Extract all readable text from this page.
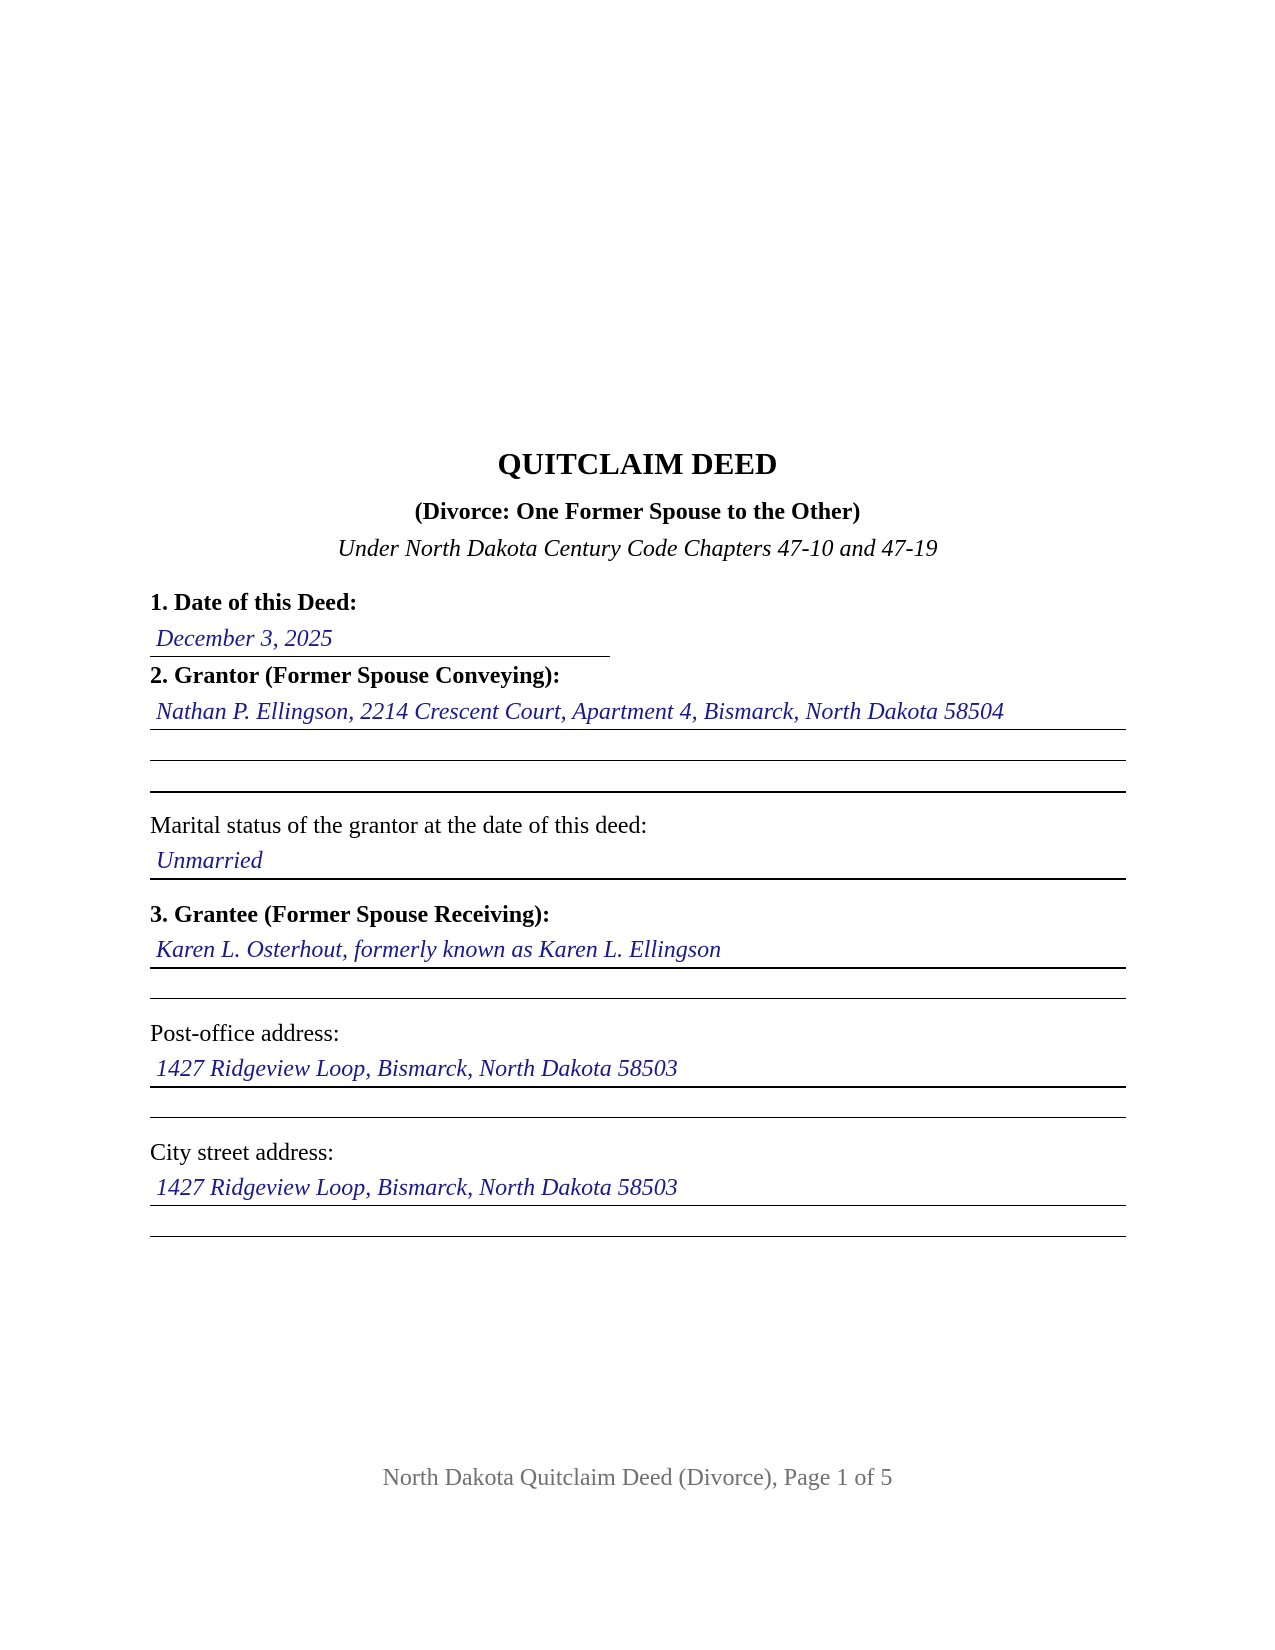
QUITCLAIM DEED
(Divorce: One Former Spouse to the Other)
Under North Dakota Century Code Chapters 47-10 and 47-19
1. Date of this Deed:
December 3, 2025
2. Grantor (Former Spouse Conveying):
Nathan P. Ellingson, 2214 Crescent Court, Apartment 4, Bismarck, North Dakota 58504
Marital status of the grantor at the date of this deed:
Unmarried
3. Grantee (Former Spouse Receiving):
Karen L. Osterhout, formerly known as Karen L. Ellingson
Post-office address:
1427 Ridgeview Loop, Bismarck, North Dakota 58503
City street address:
1427 Ridgeview Loop, Bismarck, North Dakota 58503
North Dakota Quitclaim Deed (Divorce), Page 1 of 5
